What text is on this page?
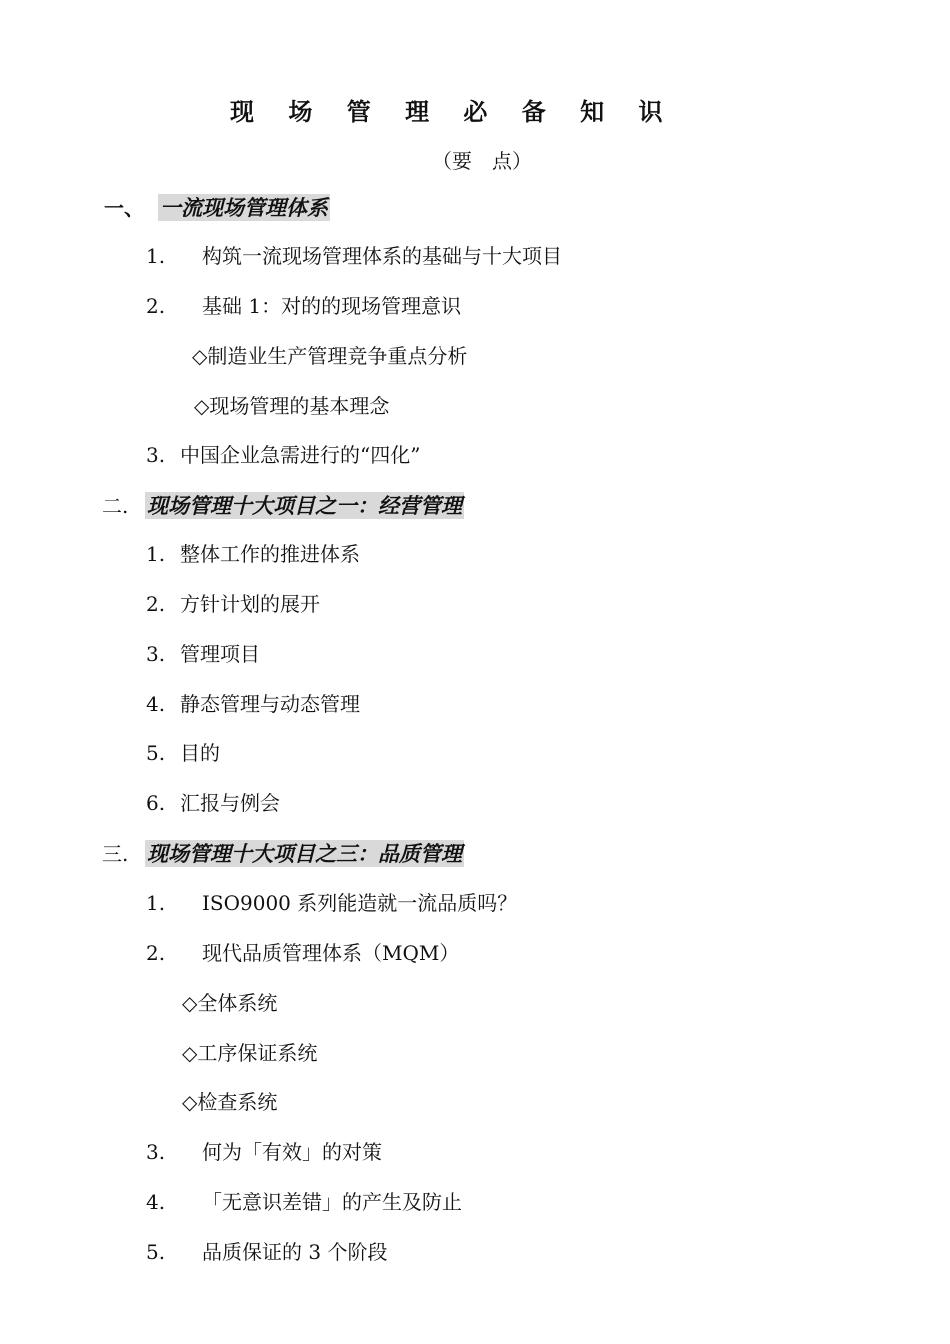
现 场 管 理 必 备 知 识
（要　点）
一、 一流现场管理体系
1. 构筑一流现场管理体系的基础与十大项目
2. 基础 1：对的的现场管理意识
◇制造业生产管理竞争重点分析
◇现场管理的基本理念
3. 中国企业急需进行的“四化”
二. 现场管理十大项目之一：经营管理
1. 整体工作的推进体系
2. 方针计划的展开
3. 管理项目
4. 静态管理与动态管理
5. 目的
6. 汇报与例会
三. 现场管理十大项目之三：品质管理
1. ISO9000 系列能造就一流品质吗？
2. 现代品质管理体系（MQM）
◇全体系统
◇工序保证系统
◇检查系统
3. 何为「有效」的对策
4. 「无意识差错」的产生及防止
5. 品质保证的 3 个阶段
